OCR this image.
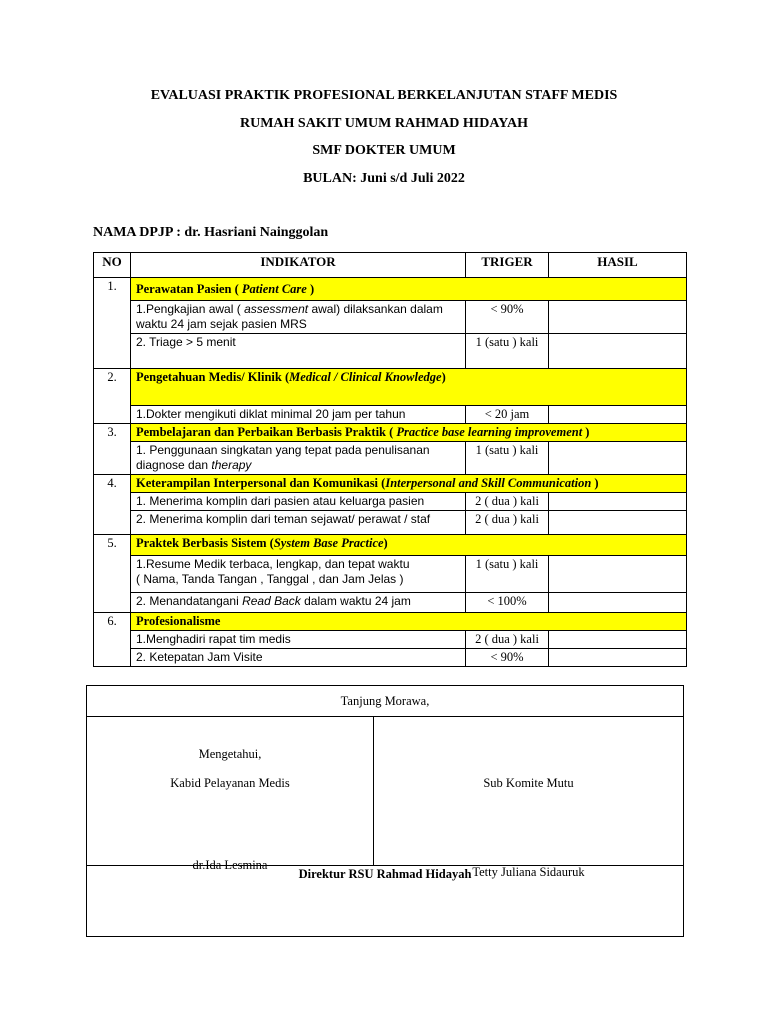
EVALUASI PRAKTIK PROFESIONAL BERKELANJUTAN STAFF MEDIS
RUMAH SAKIT UMUM RAHMAD HIDAYAH
SMF DOKTER UMUM
BULAN: Juni s/d Juli 2022
NAMA DPJP : dr. Hasriani Nainggolan
NO	INDIKATOR	TRIGER	HASIL
1.	Perawatan Pasien ( Patient Care )		
	1.Pengkajian awal ( assessment awal) dilaksankan dalam waktu 24 jam sejak pasien MRS	< 90%	
	2. Triage > 5 menit	1 (satu ) kali	
2.	Pengetahuan Medis/ Klinik (Medical / Clinical Knowledge)		
	1.Dokter mengikuti diklat minimal 20 jam per tahun	< 20 jam	
3.	Pembelajaran dan Perbaikan Berbasis Praktik ( Practice base learning improvement )		
	1. Penggunaan singkatan yang tepat pada penulisanan diagnose dan therapy	1 (satu ) kali	
4.	Keterampilan Interpersonal dan Komunikasi (Interpersonal and Skill Communication )		
	1. Menerima komplin dari pasien atau keluarga pasien	2 ( dua ) kali	
	2. Menerima komplin dari teman sejawat/ perawat / staf	2 ( dua ) kali	
5.	Praktek Berbasis Sistem (System Base Practice)		

	1.Resume Medik terbaca, lengkap, dan tepat waktu
( Nama, Tanda Tangan , Tanggal , dan Jam Jelas )	1 (satu ) kali	
	2. Menandatangani Read Back dalam waktu 24 jam	< 100%	
6.	Profesionalisme		
	1.Menghadiri rapat tim medis	2 ( dua ) kali	
	2. Ketepatan Jam Visite	< 90%	
Tanjung Morawa,

Mengetahui,
Kabid Pelayanan Medis
dr.Ida Lesmina

Sub Komite Mutu
Tetty Juliana Sidauruk

Direktur RSU Rahmad Hidayah
